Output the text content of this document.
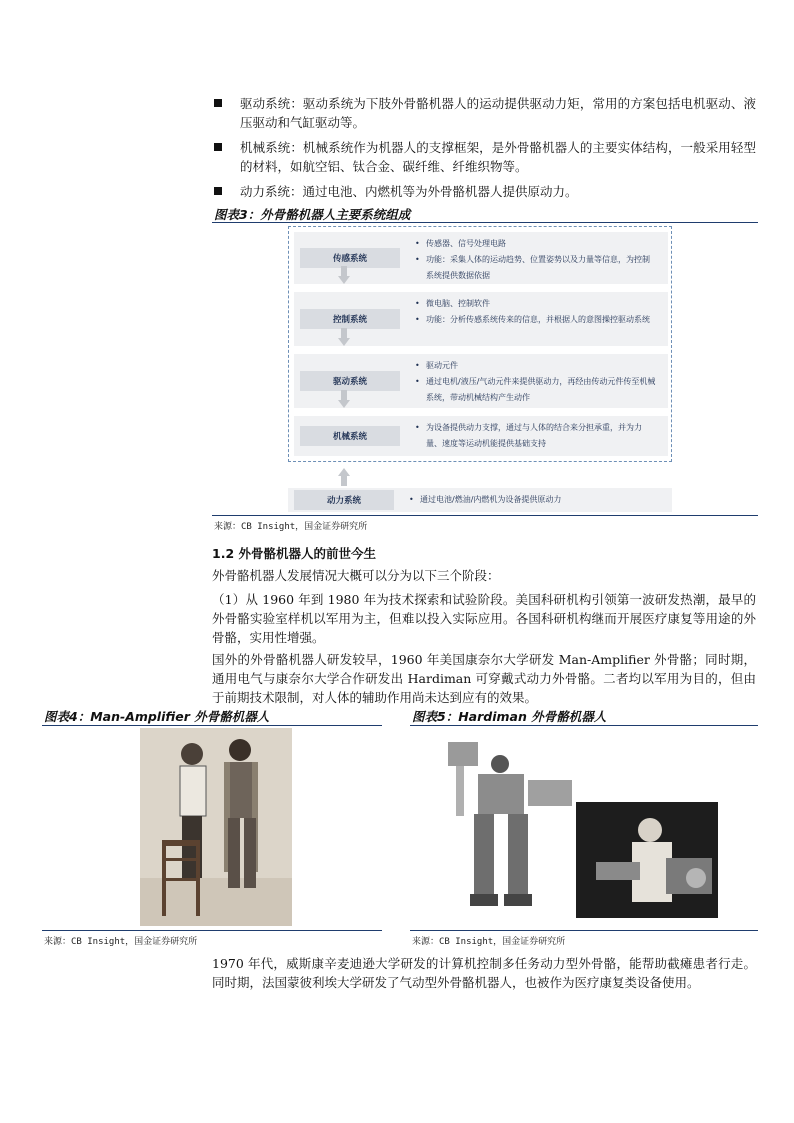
驱动系统：驱动系统为下肢外骨骼机器人的运动提供驱动力矩，常用的方案包括电机驱动、液压驱动和气缸驱动等。
机械系统：机械系统作为机器人的支撑框架，是外骨骼机器人的主要实体结构，一般采用轻型的材料，如航空铝、钛合金、碳纤维、纤维织物等。
动力系统：通过电池、内燃机等为外骨骼机器人提供原动力。
图表3：外骨骼机器人主要系统组成
传感系统
• 传感器、信号处理电路
• 功能：采集人体的运动趋势、位置姿势以及力量等信息，为控制系统提供数据依据
控制系统
• 微电脑、控制软件
• 功能：分析传感系统传来的信息，并根据人的意图操控驱动系统
驱动系统
• 驱动元件
• 通过电机/液压/气动元件来提供驱动力，再经由传动元件传至机械系统，带动机械结构产生动作
机械系统
• 为设备提供动力支撑，通过与人体的结合来分担承重，并为力量、速度等运动机能提供基础支持
动力系统
•	通过电池/燃油/内燃机为设备提供原动力
来源：CB Insight，国金证券研究所
1.2 外骨骼机器人的前世今生
外骨骼机器人发展情况大概可以分为以下三个阶段：
（1）从 1960 年到 1980 年为技术探索和试验阶段。美国科研机构引领第一波研发热潮，最早的外骨骼实验室样机以军用为主，但难以投入实际应用。各国科研机构继而开展医疗康复等用途的外骨骼，实用性增强。
国外的外骨骼机器人研发较早，1960 年美国康奈尔大学研发 Man-Amplifier 外骨骼；同时期，通用电气与康奈尔大学合作研发出 Hardiman 可穿戴式动力外骨骼。二者均以军用为目的，但由于前期技术限制，对人体的辅助作用尚未达到应有的效果。
图表4：Man-Amplifier 外骨骼机器人
来源：CB Insight，国金证券研究所
图表5：Hardiman 外骨骼机器人
来源：CB Insight，国金证券研究所
1970 年代，威斯康辛麦迪逊大学研发的计算机控制多任务动力型外骨骼，能帮助截瘫患者行走。同时期，法国蒙彼利埃大学研发了气动型外骨骼机器人，也被作为医疗康复类设备使用。
